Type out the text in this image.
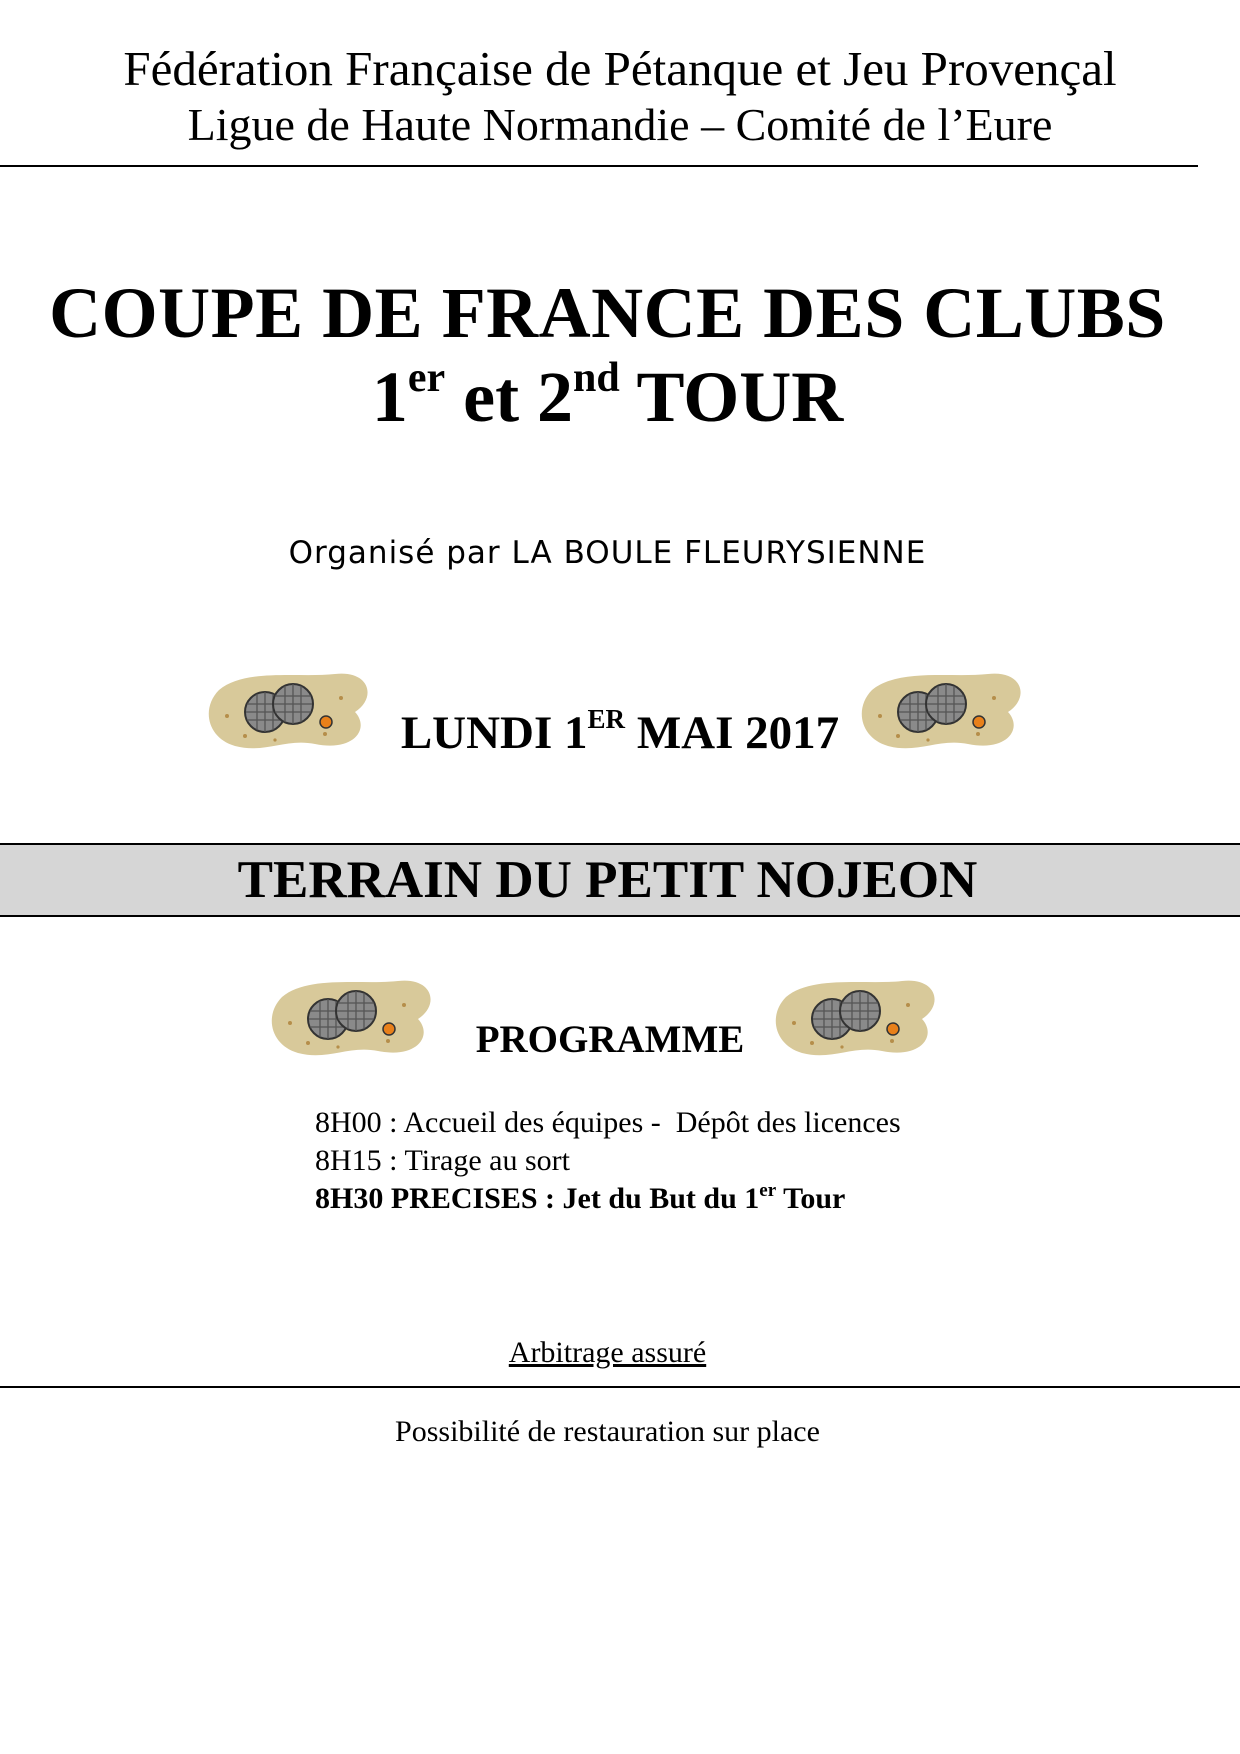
Fédération Française de Pétanque et Jeu Provençal
Ligue de Haute Normandie – Comité de l’Eure
COUPE DE FRANCE DES CLUBS
1er et 2nd TOUR
Organisé par LA BOULE FLEURYSIENNE
LUNDI 1ER MAI 2017
TERRAIN DU PETIT NOJEON
PROGRAMME
8H00 : Accueil des équipes -  Dépôt des licences
8H15 : Tirage au sort
8H30 PRECISES : Jet du But du 1er Tour
Arbitrage assuré
Possibilité de restauration sur place
